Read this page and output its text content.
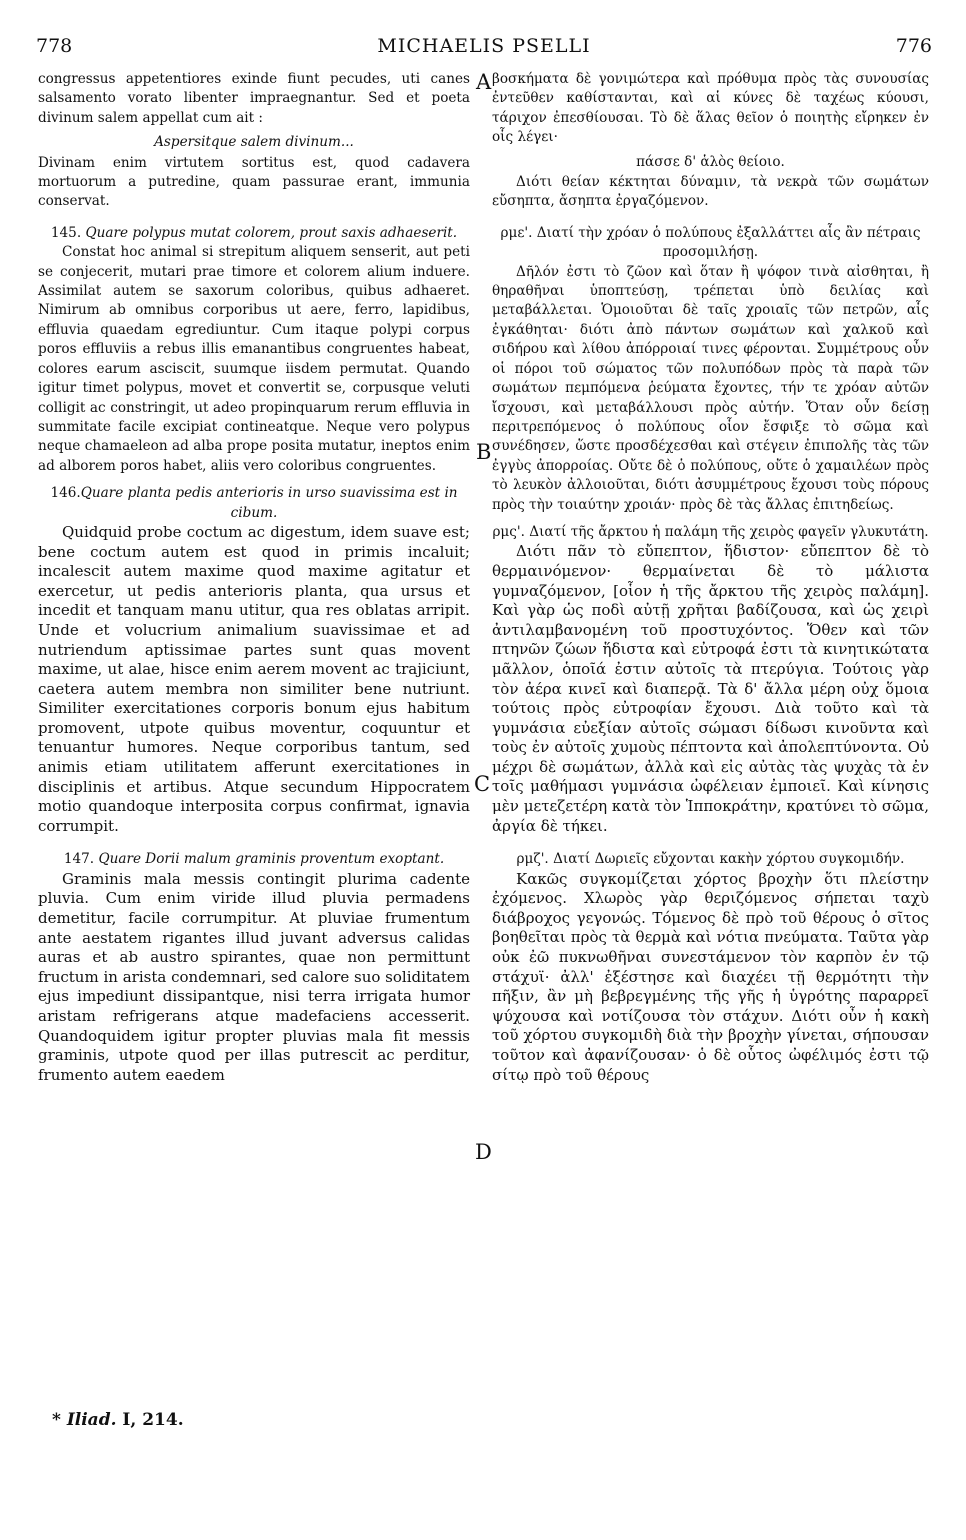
778	MICHAELIS PSELLI	776

congressus appetentiores exinde fiunt pecudes, uti canes salsamento vorato libenter impraegnantur. Sed et poeta divinum salem appellat cum ait :

Aspersitque salem divinum...

Divinam enim virtutem sortitus est, quod cadavera mortuorum a putredine, quam passurae erant, immunia conservat.

145. Quare polypus mutat colorem, prout saxis adhaeserit.

Constat hoc animal si strepitum aliquem senserit, aut peti se conjecerit, mutari prae timore et colorem alium induere. Assimilat autem se saxorum coloribus, quibus adhaeret. Nimirum ab omnibus corporibus ut aere, ferro, lapidibus, effluvia quaedam egrediuntur. Cum itaque polypi corpus poros effluviis a rebus illis emanantibus congruentes habeat, colores earum asciscit, suumque iisdem permutat. Quando igitur timet polypus, movet et convertit se, corpusque veluti colligit ac constringit, ut adeo propinquarum rerum effluvia in summitate facile excipiat contineatque. Neque vero polypus neque chamaeleon ad alba prope posita mutatur, ineptos enim ad alborem poros habet, aliis vero coloribus congruentes.

146.Quare planta pedis anterioris in urso suavissima est in cibum.

Quidquid probe coctum ac digestum, idem suave est; bene coctum autem est quod in primis incaluit; incalescit autem maxime quod maxime agitatur et exercetur, ut pedis anterioris planta, qua ursus et incedit et tanquam manu utitur, qua res oblatas arripit. Unde et volucrium animalium suavissimae et ad nutriendum aptissimae partes sunt quas movent maxime, ut alae, hisce enim aerem movent ac trajiciunt, caetera autem membra non similiter bene nutriunt. Similiter exercitationes corporis bonum ejus habitum promovent, utpote quibus moventur, coquuntur et tenuantur humores. Neque corporibus tantum, sed animis etiam utilitatem afferunt exercitationes in disciplinis et artibus. Atque secundum Hippocratem motio quandoque interposita corpus confirmat, ignavia corrumpit.

147. Quare Dorii malum graminis proventum exoptant.

Graminis mala messis contingit plurima cadente pluvia. Cum enim viride illud pluvia permadens demetitur, facile corrumpitur. At pluviae frumentum ante aestatem rigantes illud juvant adversus calidas auras et ab austro spirantes, quae non permittunt fructum in arista condemnari, sed calore suo soliditatem ejus impediunt dissipantque, nisi terra irrigata humor aristam refrigerans atque madefaciens accesserit. Quandoquidem igitur propter pluvias mala fit messis graminis, utpote quod per illas putrescit ac perditur, frumento autem eaedem

A
B
C
D

βοσκήματα δὲ γονιμώτερα καὶ πρόθυμα πρὸς τὰς συνουσίας ἐντεῦθεν καθίστανται, καὶ αἱ κύνες δὲ ταχέως κύουσι, τάριχον ἐπεσθίουσαι. Τὸ δὲ ἅλας θεῖον ὁ ποιητὴς εἴρηκεν ἐν οἷς λέγει·

πάσσε δ' ἁλὸς θείοιο.

Διότι θείαν κέκτηται δύναμιν, τὰ νεκρὰ τῶν σωμάτων εὔσηπτα, ἄσηπτα ἐργαζόμενον.

ρμε'. Διατί τὴν χρόαν ὁ πολύπους ἐξαλλάττει αἷς ἂν πέτραις προσομιλήσῃ.

Δῆλόν ἐστι τὸ ζῶον καὶ ὅταν ἢ ψόφον τινὰ αἰσθηται, ἢ θηραθῆναι ὑποπτεύσῃ, τρέπεται ὑπὸ δειλίας καὶ μεταβάλλεται. Ὁμοιοῦται δὲ ταῖς χροιαῖς τῶν πετρῶν, αἷς ἐγκάθηται· διότι ἀπὸ πάντων σωμάτων καὶ χαλκοῦ καὶ σιδήρου καὶ λίθου ἀπόρροιαί τινες φέρονται. Συμμέτρους οὖν οἱ πόροι τοῦ σώματος τῶν πολυπόδων πρὸς τὰ παρὰ τῶν σωμάτων πεμπόμενα ῥεύματα ἔχοντες, τήν τε χρόαν αὐτῶν ἴσχουσι, καὶ μεταβάλλουσι πρὸς αὐτήν. Ὅταν οὖν δείσῃ περιτρεπόμενος ὁ πολύπους οἷον ἔσφιξε τὸ σῶμα καὶ συνέδησεν, ὥστε προσδέχεσθαι καὶ στέγειν ἐπιπολῆς τὰς τῶν ἐγγὺς ἀπορροίας. Οὔτε δὲ ὁ πολύπους, οὔτε ὁ χαμαιλέων πρὸς τὸ λευκὸν ἀλλοιοῦται, διότι ἀσυμμέτρους ἔχουσι τοὺς πόρους πρὸς τὴν τοιαύτην χροιάν· πρὸς δὲ τὰς ἄλλας ἐπιτηδείως.

ρμς'. Διατί τῆς ἄρκτου ἡ παλάμη τῆς χειρὸς φαγεῖν γλυκυτάτη.

Διότι πᾶν τὸ εὔπεπτον, ἥδιστον· εὔπεπτον δὲ τὸ θερμαινόμενον· θερμαίνεται δὲ τὸ μάλιστα γυμναζόμενον, [οἷον ἡ τῆς ἄρκτου τῆς χειρὸς παλάμη]. Καὶ γὰρ ὡς ποδὶ αὐτῇ χρῆται βαδίζουσα, καὶ ὡς χειρὶ ἀντιλαμβανομένη τοῦ προστυχόντος. Ὅθεν καὶ τῶν πτηνῶν ζώων ἥδιστα καὶ εὐτροφά ἐστι τὰ κινητικώτατα μᾶλλον, ὁποῖά ἐστιν αὐτοῖς τὰ πτερύγια. Τούτοις γὰρ τὸν ἀέρα κινεῖ καὶ διαπερᾷ. Τὰ δ' ἄλλα μέρη οὐχ ὅμοια τούτοις πρὸς εὐτροφίαν ἔχουσι. Διὰ τοῦτο καὶ τὰ γυμνάσια εὐεξίαν αὐτοῖς σώμασι δίδωσι κινοῦντα καὶ τοὺς ἐν αὐτοῖς χυμοὺς πέπτοντα καὶ ἀπολεπτύνοντα. Οὐ μέχρι δὲ σωμάτων, ἀλλὰ καὶ εἰς αὐτὰς τὰς ψυχὰς τὰ ἐν τοῖς μαθήμασι γυμνάσια ὠφέλειαν ἐμποιεῖ. Καὶ κίνησις μὲν μετεζετέρη κατὰ τὸν Ἱπποκράτην, κρατύνει τὸ σῶμα, ἀργία δὲ τήκει.

ρμζ'. Διατί Δωριεῖς εὔχονται κακὴν χόρτου συγκομιδήν.

Κακῶς συγκομίζεται χόρτος βροχὴν ὅτι πλείστην ἐχόμενος. Χλωρὸς γὰρ θεριζόμενος σήπεται ταχὺ διάβροχος γεγονώς. Τόμενος δὲ πρὸ τοῦ θέρους ὁ σῖτος βοηθεῖται πρὸς τὰ θερμὰ καὶ νότια πνεύματα. Ταῦτα γὰρ οὐκ ἐῶ πυκνωθῆναι συνεστάμενον τὸν καρπὸν ἐν τῷ στάχυϊ· ἀλλ' ἐξέστησε καὶ διαχέει τῇ θερμότητι τὴν πῆξιν, ἂν μὴ βεβρεγμένης τῆς γῆς ἡ ὑγρότης παραρρεῖ ψύχουσα καὶ νοτίζουσα τὸν στάχυν. Διότι οὖν ἡ κακὴ τοῦ χόρτου συγκομιδὴ διὰ τὴν βροχὴν γίνεται, σήπουσαν τοῦτον καὶ ἀφανίζουσαν· ὁ δὲ οὗτος ὠφέλιμός ἐστι τῷ σίτῳ πρὸ τοῦ θέρους

* Iliad. I, 214.
